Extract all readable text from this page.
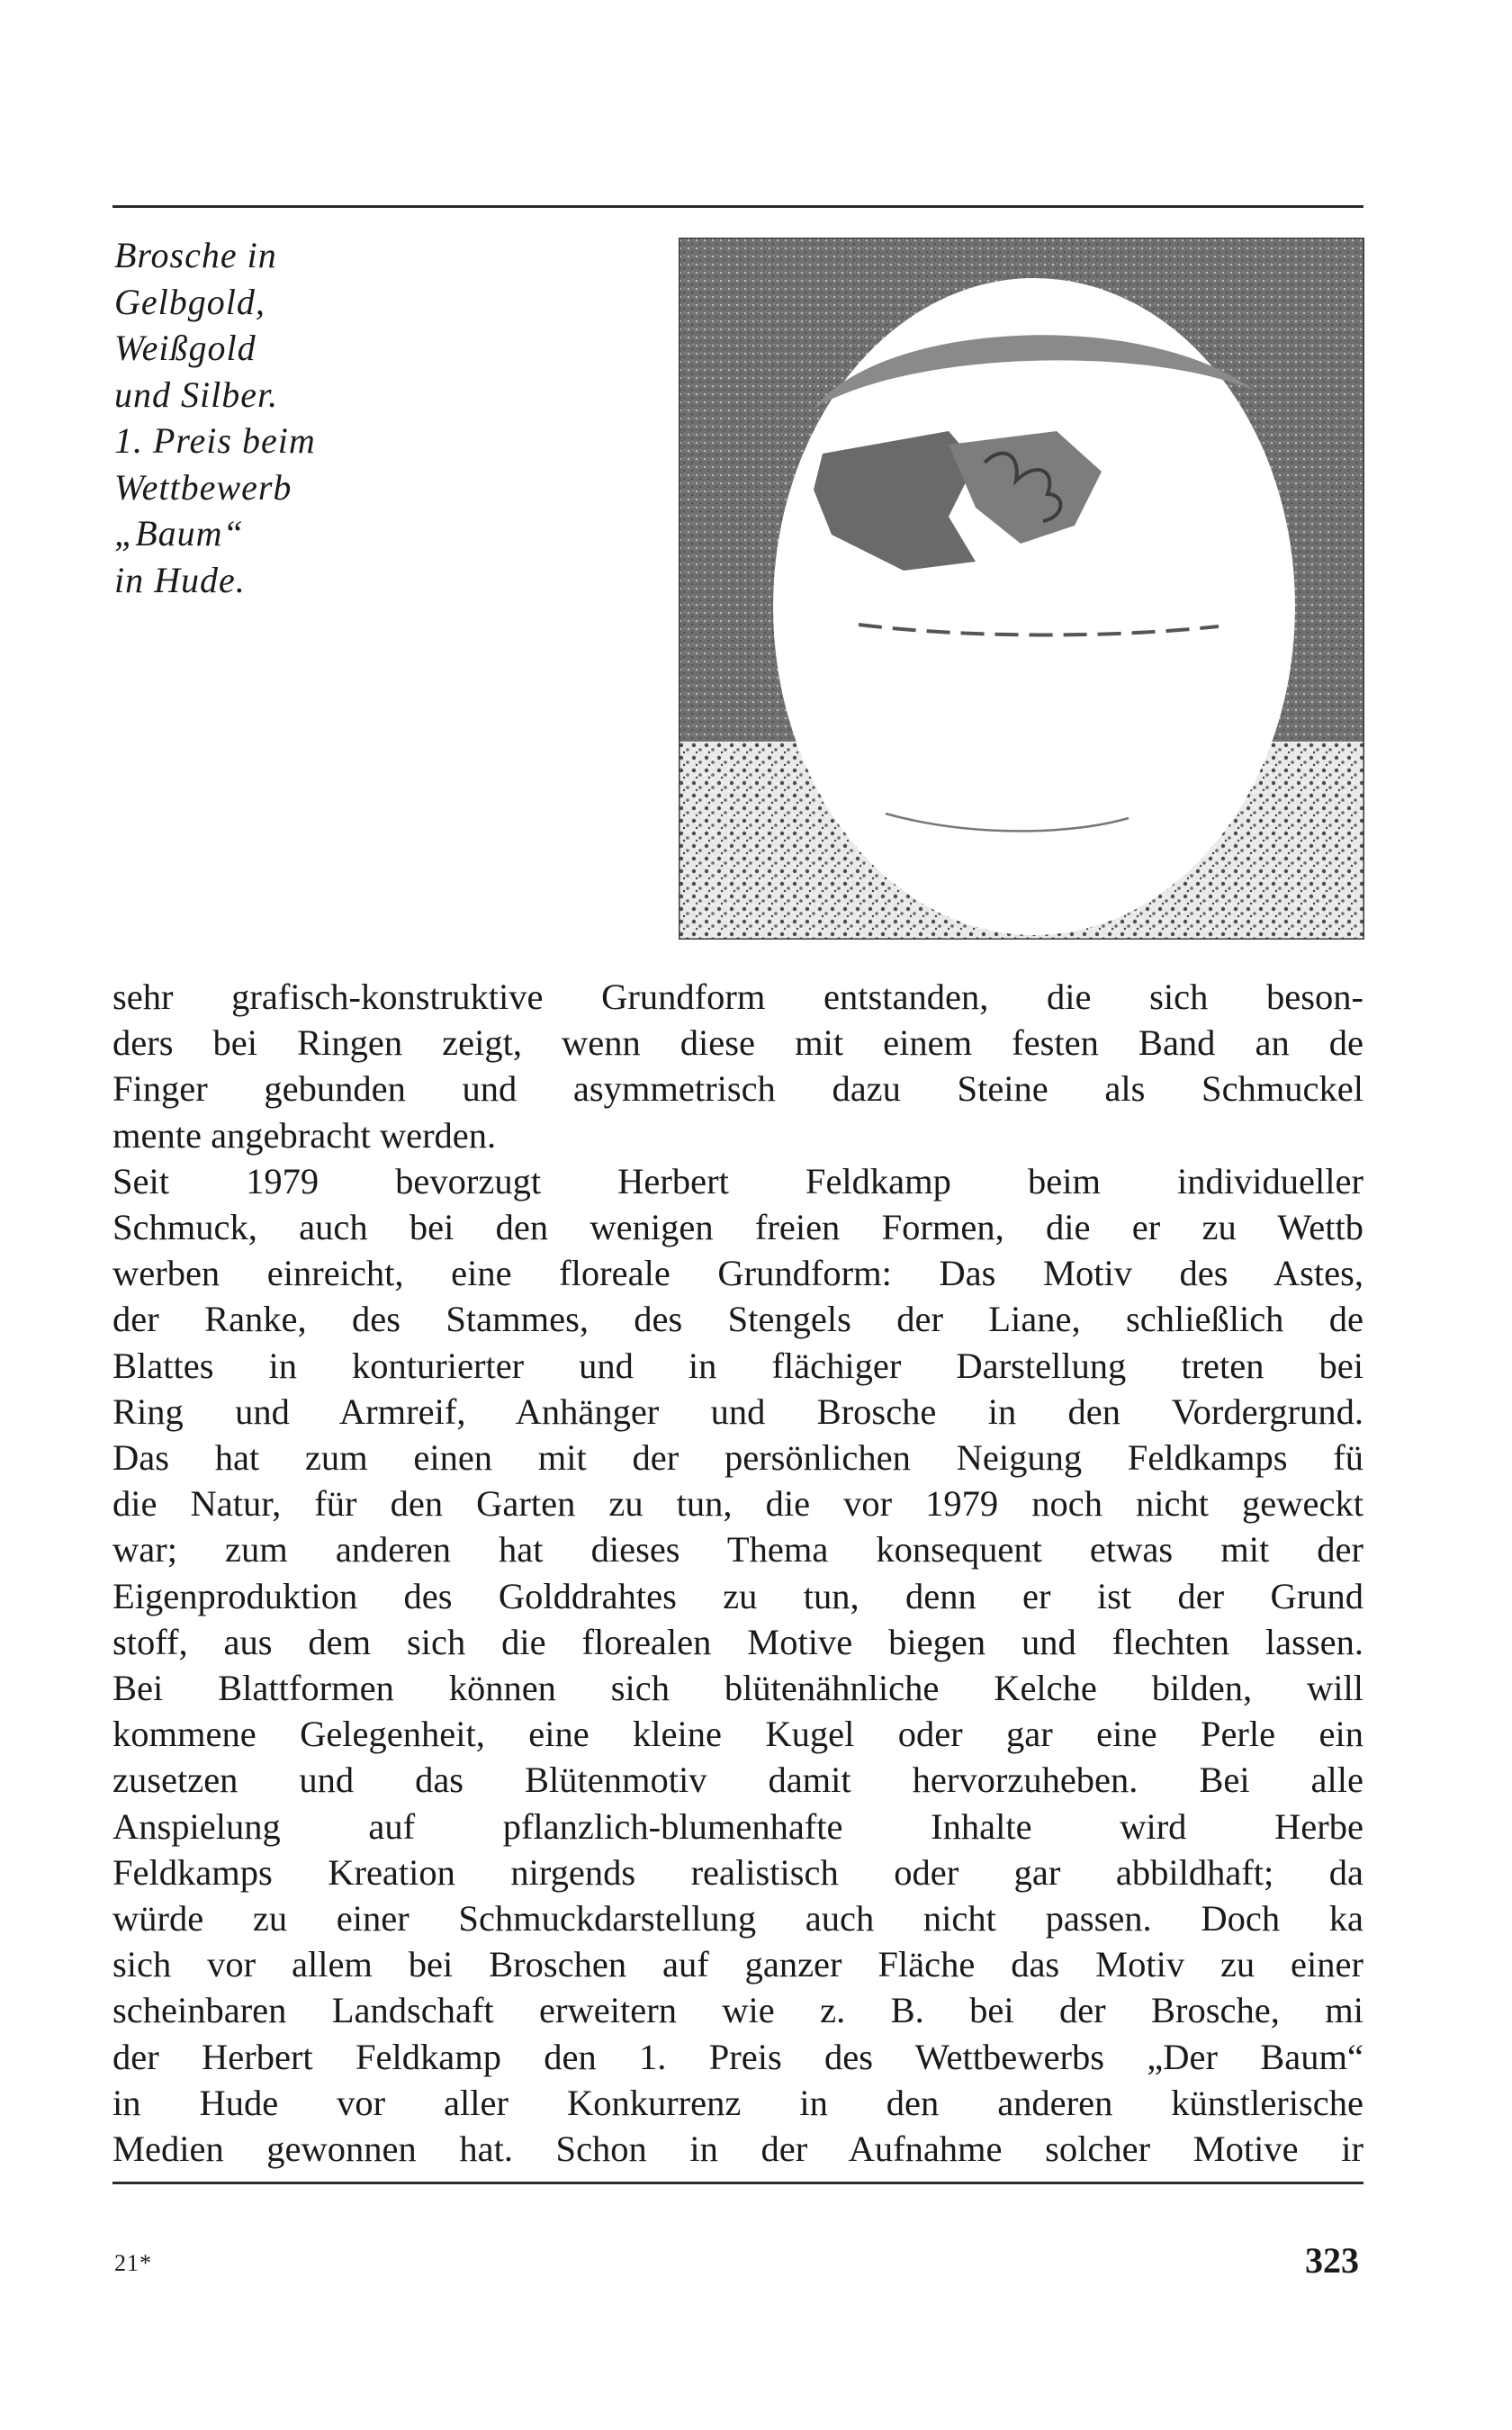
Brosche in
Gelbgold,
Weißgold
und Silber.
1. Preis beim
Wettbewerb
„Baum“
in Hude.
sehr grafisch-konstruktive Grundform entstanden, die sich beson-
ders bei Ringen zeigt, wenn diese mit einem festen Band an de
Finger gebunden und asymmetrisch dazu Steine als Schmuckel
mente angebracht werden.
Seit 1979 bevorzugt Herbert Feldkamp beim individueller
Schmuck, auch bei den wenigen freien Formen, die er zu Wettb
werben einreicht, eine floreale Grundform: Das Motiv des Astes,
der Ranke, des Stammes, des Stengels der Liane, schließlich de
Blattes in konturierter und in flächiger Darstellung treten bei
Ring und Armreif, Anhänger und Brosche in den Vordergrund.
Das hat zum einen mit der persönlichen Neigung Feldkamps fü
die Natur, für den Garten zu tun, die vor 1979 noch nicht geweckt
war; zum anderen hat dieses Thema konsequent etwas mit der
Eigenproduktion des Golddrahtes zu tun, denn er ist der Grund
stoff, aus dem sich die florealen Motive biegen und flechten lassen.
Bei Blattformen können sich blütenähnliche Kelche bilden, will
kommene Gelegenheit, eine kleine Kugel oder gar eine Perle ein
zusetzen und das Blütenmotiv damit hervorzuheben. Bei alle
Anspielung auf pflanzlich-blumenhafte Inhalte wird Herbe
Feldkamps Kreation nirgends realistisch oder gar abbildhaft; da
würde zu einer Schmuckdarstellung auch nicht passen. Doch ka
sich vor allem bei Broschen auf ganzer Fläche das Motiv zu einer
scheinbaren Landschaft erweitern wie z. B. bei der Brosche, mi
der Herbert Feldkamp den 1. Preis des Wettbewerbs „Der Baum“
in Hude vor aller Konkurrenz in den anderen künstlerische
Medien gewonnen hat. Schon in der Aufnahme solcher Motive ir
21*	323
